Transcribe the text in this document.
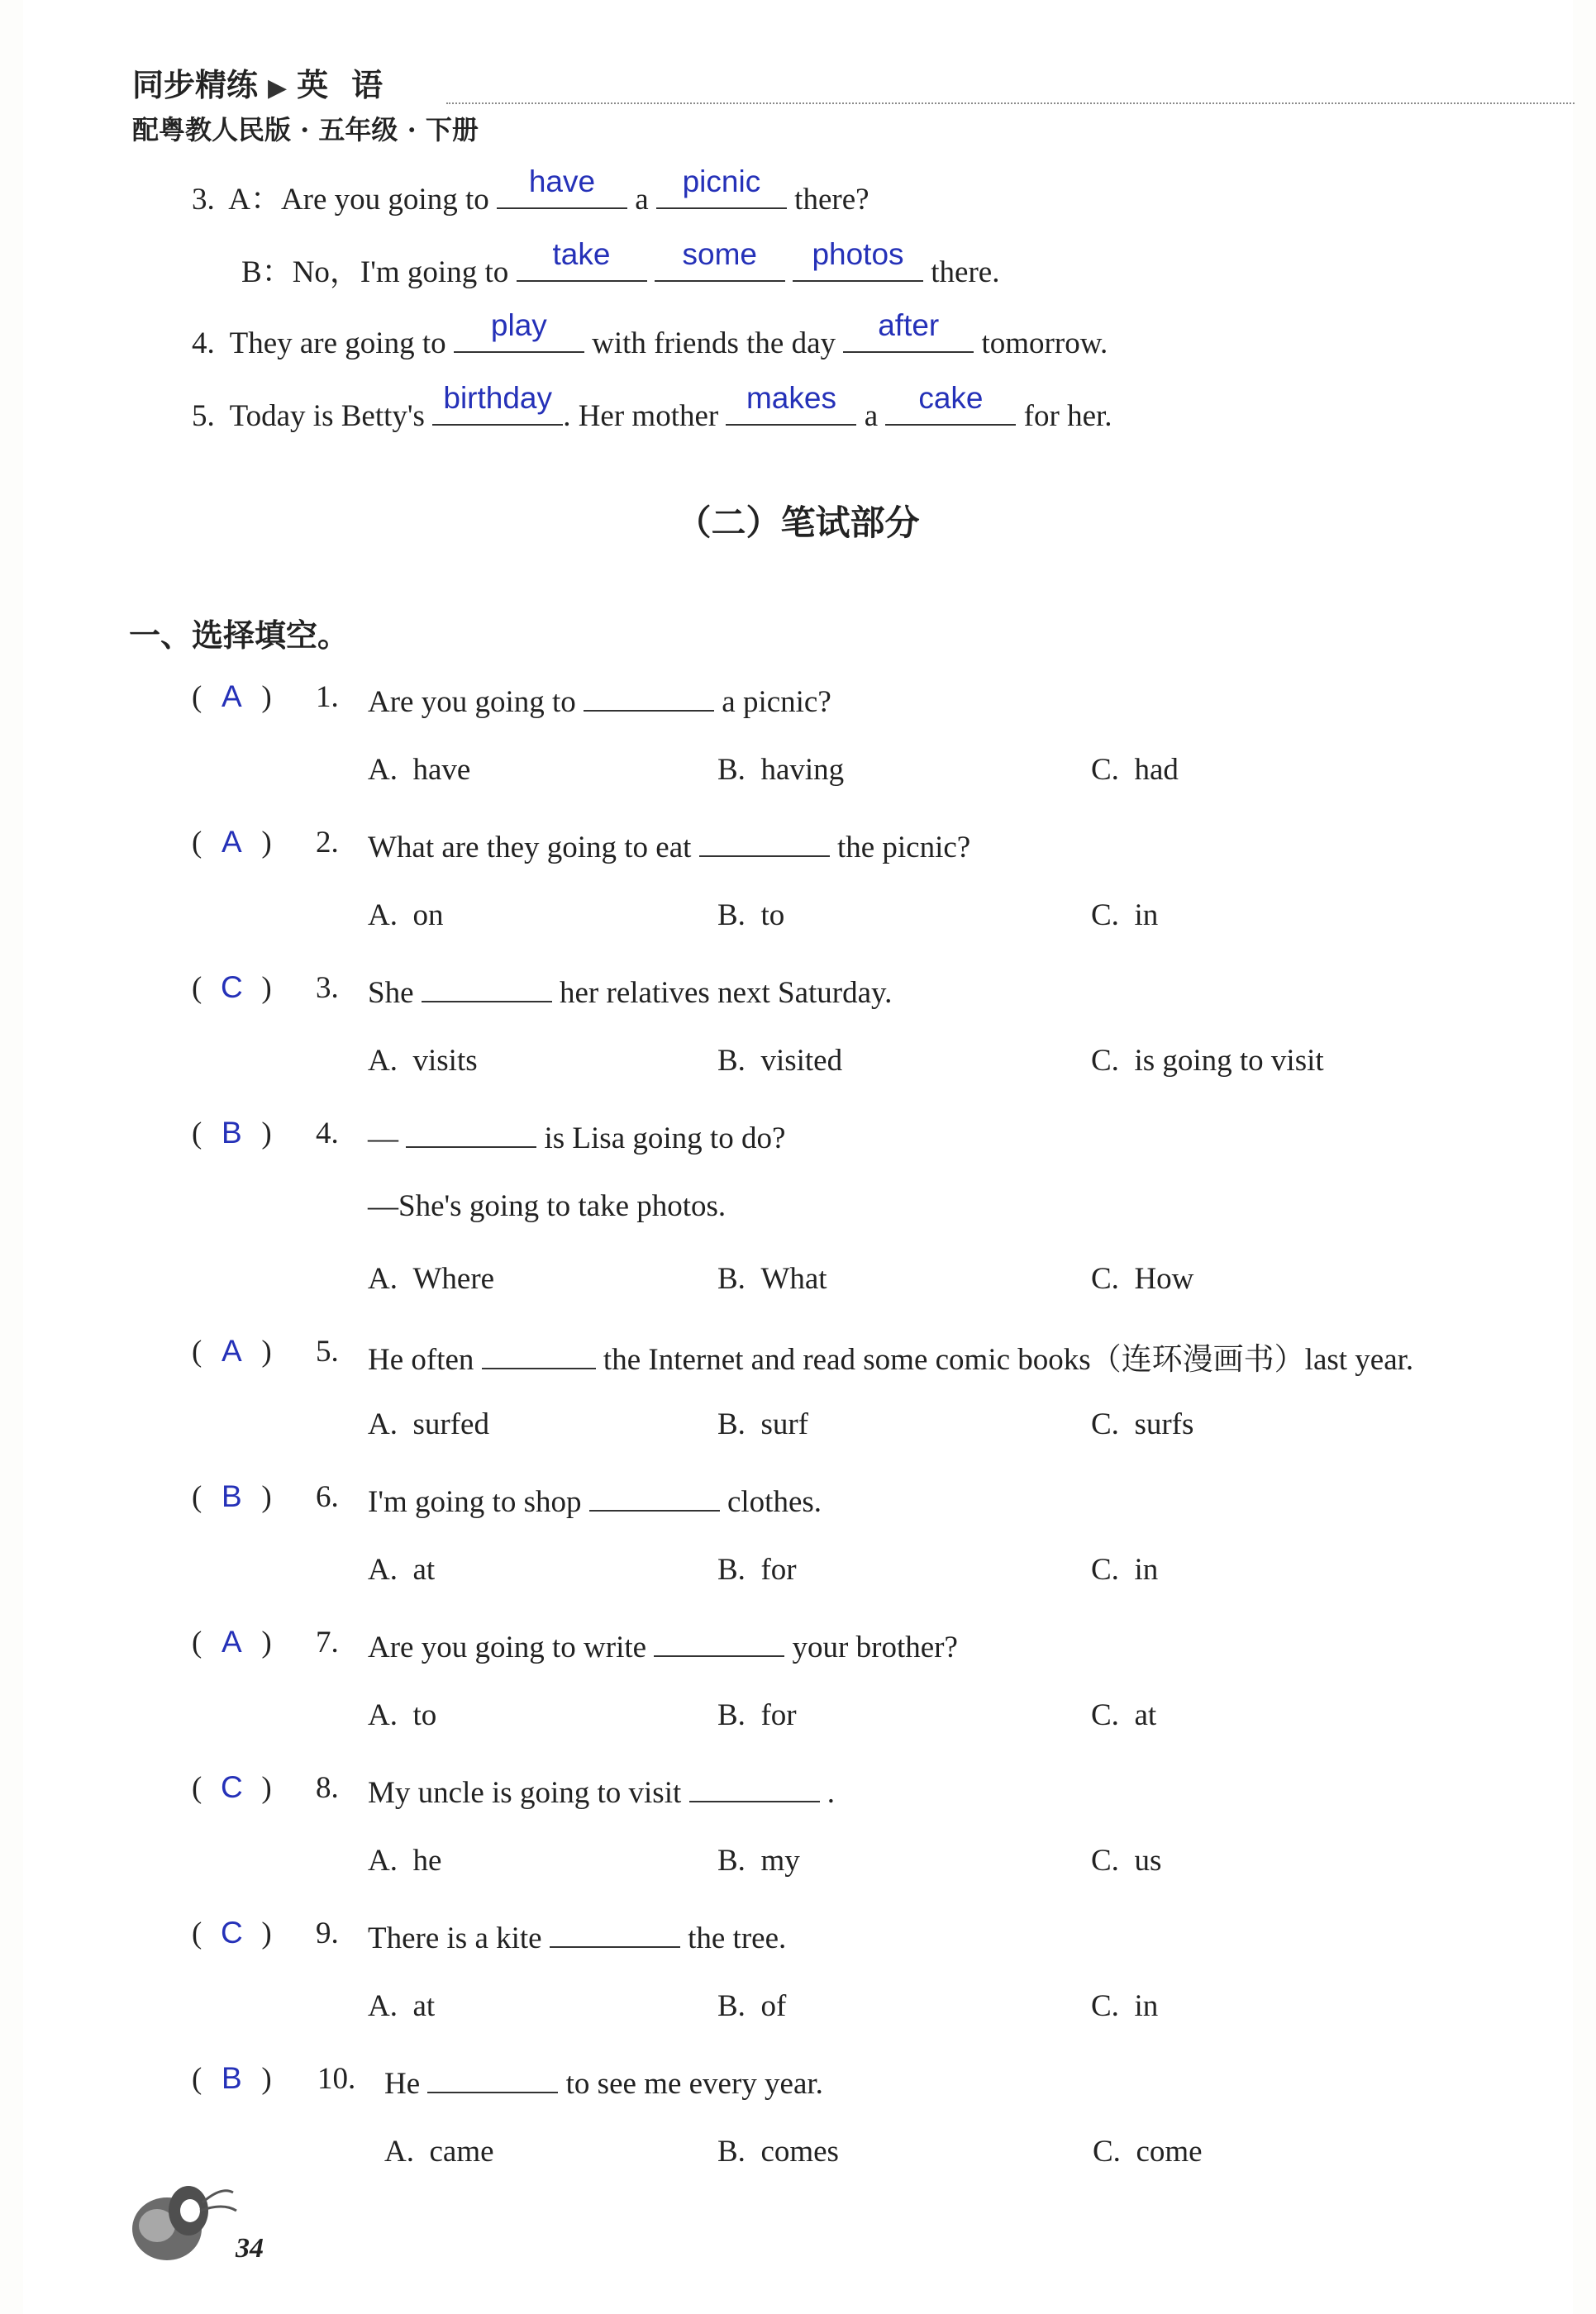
同步精练 ▶ 英语
配粤教人民版 · 五年级 · 下册
3. A：Are you going to
have
a
picnic
there?
B：No，I'm going to
take
	some
	photos
there.
4. They are going to
play
with friends the day
after
tomorrow.
5. Today is Betty's
birthday
. Her mother
makes
a
cake
for her.
（二）笔试部分
一、选择填空。
( A ) 1. Are you going to	a picnic?
A. have	B. having	C. had
( A ) 2. What are they going to eat	the picnic?
A. on	B. to	C. in
( C ) 3. She	her relatives next Saturday.
A. visits	B. visited	C. is going to visit
( B ) 4. —	is Lisa going to do?
—She's going to take photos.
A. Where	B. What	C. How
( A ) 5. He often	the Internet and read some comic books（连环漫画书）last year.
A. surfed	B. surf	C. surfs
( B ) 6. I'm going to shop	clothes.
A. at	B. for	C. in
( A ) 7. Are you going to write	your brother?
A. to	B. for	C. at
( C ) 8. My uncle is going to visit	.
A. he	B. my	C. us
( C ) 9. There is a kite	the tree.
A. at	B. of	C. in
( B ) 10. He	to see me every year.
A. came	B. comes	C. come
34
